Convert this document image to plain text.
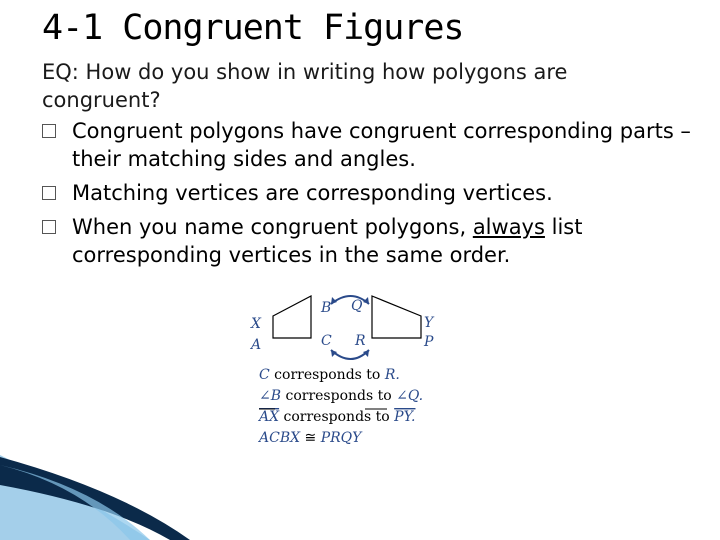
4-1 Congruent Figures
EQ: How do you show in writing how polygons are congruent?
Congruent polygons have congruent corresponding parts – their matching sides and angles.
Matching vertices are corresponding vertices.
When you name congruent polygons, always list corresponding vertices in the same order.
X
A
B
C
Q
R
Y
P
C corresponds to R.
∠B corresponds to ∠Q.
AX corresponds to PY.
ACBX ≅ PRQY
